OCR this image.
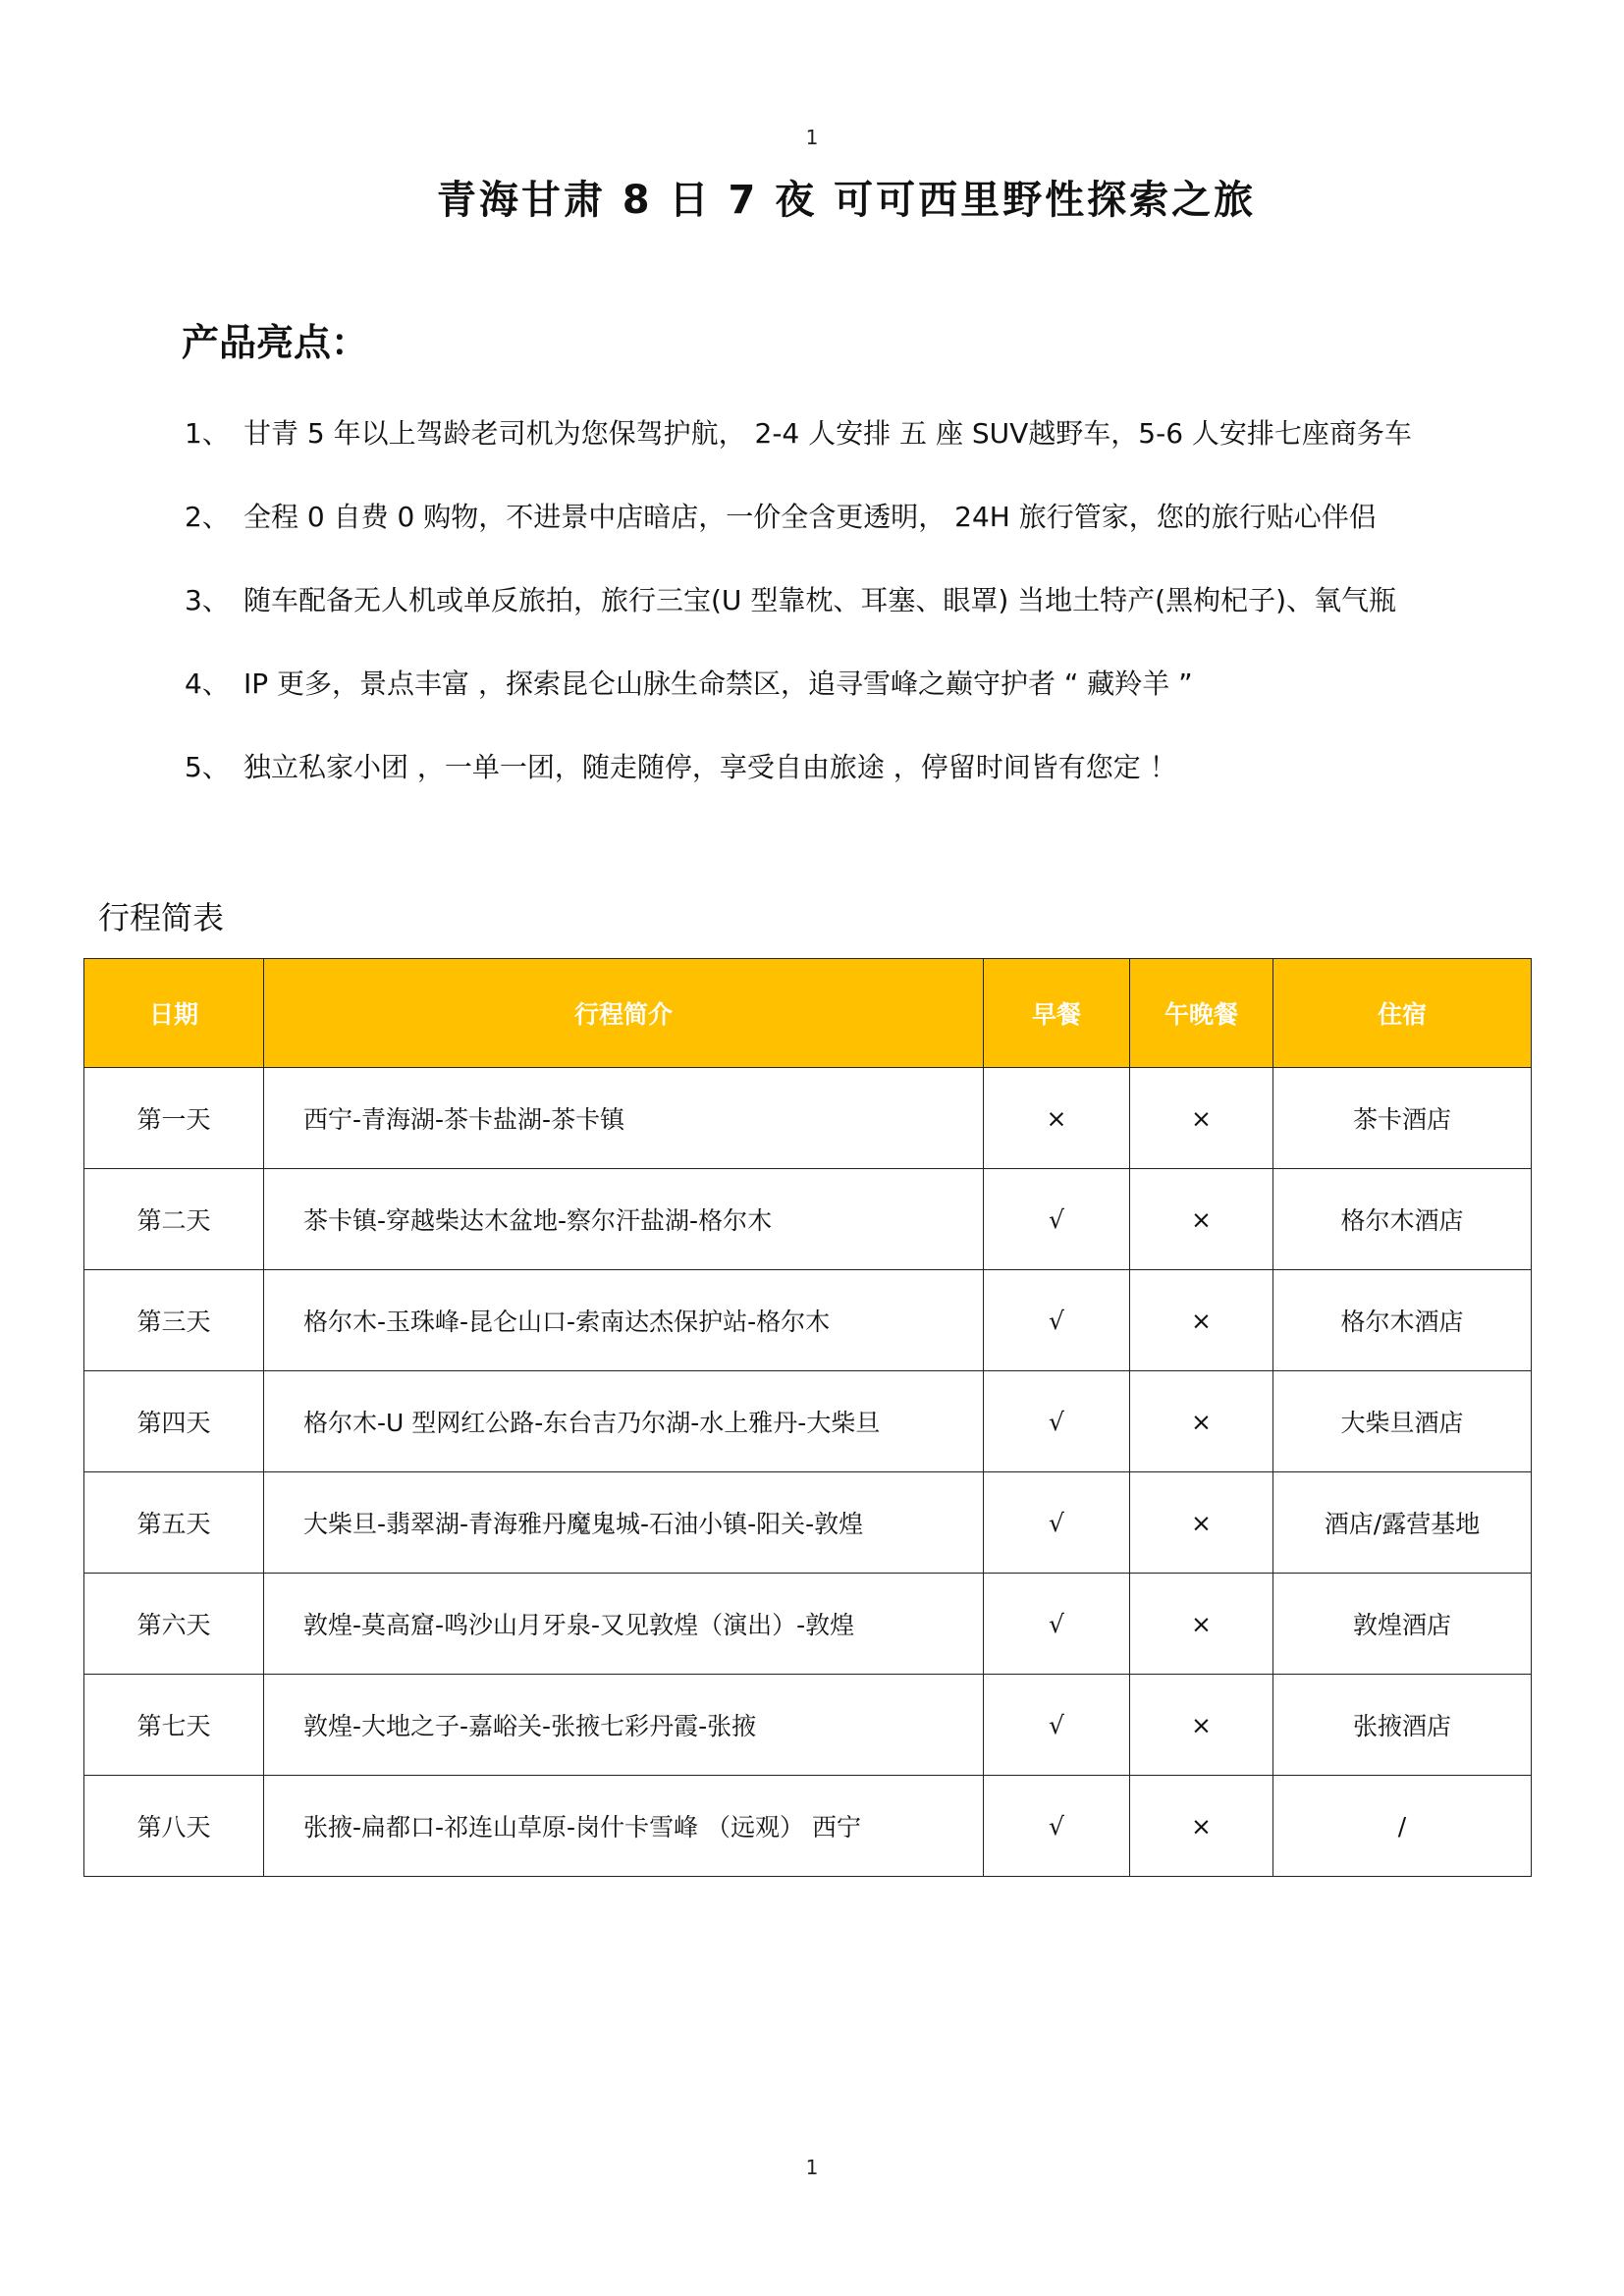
1
青海甘肃 8 日 7 夜 可可西里野性探索之旅
产品亮点：
1、 甘青 5 年以上驾龄老司机为您保驾护航， 2-4 人安排 五 座 SUV越野车，5-6 人安排七座商务车
2、 全程 0 自费 0 购物，不进景中店暗店，一价全含更透明， 24H 旅行管家，您的旅行贴心伴侣
3、 随车配备无人机或单反旅拍，旅行三宝(U 型靠枕、耳塞、眼罩) 当地土特产(黑枸杞子)、氧气瓶
4、 IP 更多，景点丰富 ，探索昆仑山脉生命禁区，追寻雪峰之巅守护者 “ 藏羚羊 ”
5、 独立私家小团 ，一单一团，随走随停，享受自由旅途 ，停留时间皆有您定 ！
行程简表
日期	行程简介	早餐	午晚餐	住宿
第一天	西宁-青海湖-茶卡盐湖-茶卡镇	×	×	茶卡酒店
第二天	茶卡镇-穿越柴达木盆地-察尔汗盐湖-格尔木	√	×	格尔木酒店
第三天	格尔木-玉珠峰-昆仑山口-索南达杰保护站-格尔木	√	×	格尔木酒店
第四天	格尔木-U 型网红公路-东台吉乃尔湖-水上雅丹-大柴旦	√	×	大柴旦酒店
第五天	大柴旦-翡翠湖-青海雅丹魔鬼城-石油小镇-阳关-敦煌	√	×	酒店/露营基地
第六天	敦煌-莫高窟-鸣沙山月牙泉-又见敦煌（演出）-敦煌	√	×	敦煌酒店
第七天	敦煌-大地之子-嘉峪关-张掖七彩丹霞-张掖	√	×	张掖酒店
第八天	张掖-扁都口-祁连山草原-岗什卡雪峰 （远观） 西宁	√	×	/
1
